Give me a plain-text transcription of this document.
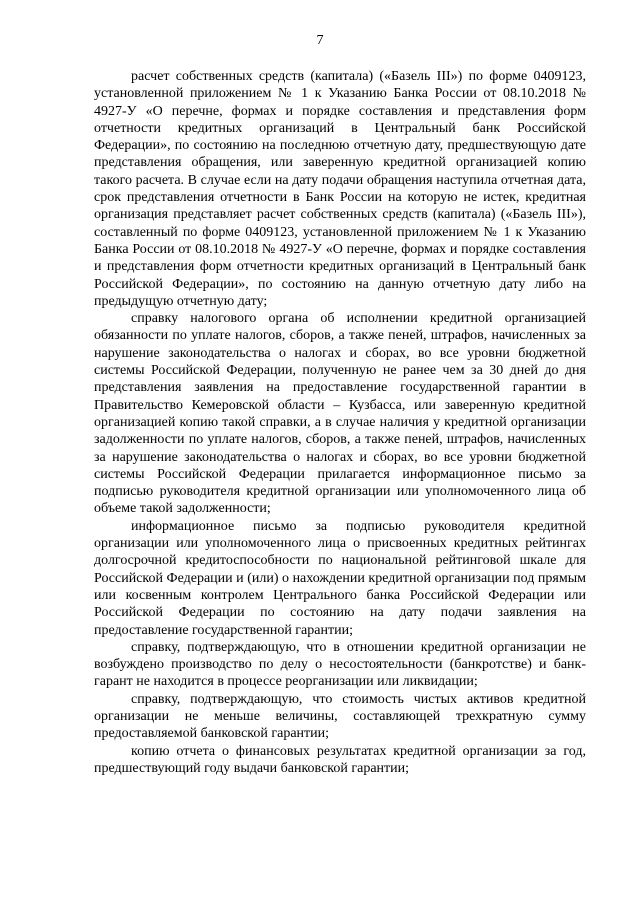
7

расчет собственных средств (капитала) («Базель III») по форме 0409123, установленной приложением № 1 к Указанию Банка России от 08.10.2018 № 4927-У «О перечне, формах и порядке составления и представления форм отчетности кредитных организаций в Центральный банк Российской Федерации», по состоянию на последнюю отчетную дату, предшествующую дате представления обращения, или заверенную кредитной организацией копию такого расчета. В случае если на дату подачи обращения наступила отчетная дата, срок представления отчетности в Банк России на которую не истек, кредитная организация представляет расчет собственных средств (капитала) («Базель III»), составленный по форме 0409123, установленной приложением № 1 к Указанию Банка России от 08.10.2018 № 4927-У «О перечне, формах и порядке составления и представления форм отчетности кредитных организаций в Центральный банк Российской Федерации», по состоянию на данную отчетную дату либо на предыдущую отчетную дату;

справку налогового органа об исполнении кредитной организацией обязанности по уплате налогов, сборов, а также пеней, штрафов, начисленных за нарушение законодательства о налогах и сборах, во все уровни бюджетной системы Российской Федерации, полученную не ранее чем за 30 дней до дня представления заявления на предоставление государственной гарантии в Правительство Кемеровской области – Кузбасса, или заверенную кредитной организацией копию такой справки, а в случае наличия у кредитной организации задолженности по уплате налогов, сборов, а также пеней, штрафов, начисленных за нарушение законодательства о налогах и сборах, во все уровни бюджетной системы Российской Федерации прилагается информационное письмо за подписью руководителя кредитной организации или уполномоченного лица об объеме такой задолженности;

информационное письмо за подписью руководителя кредитной организации или уполномоченного лица о присвоенных кредитных рейтингах долгосрочной кредитоспособности по национальной рейтинговой шкале для Российской Федерации и (или) о нахождении кредитной организации под прямым или косвенным контролем Центрального банка Российской Федерации или Российской Федерации по состоянию на дату подачи заявления на предоставление государственной гарантии;

справку, подтверждающую, что в отношении кредитной организации не возбуждено производство по делу о несостоятельности (банкротстве) и банк-гарант не находится в процессе реорганизации или ликвидации;

справку, подтверждающую, что стоимость чистых активов кредитной организации не меньше величины, составляющей трехкратную сумму предоставляемой банковской гарантии;

копию отчета о финансовых результатах кредитной организации за год, предшествующий году выдачи банковской гарантии;
